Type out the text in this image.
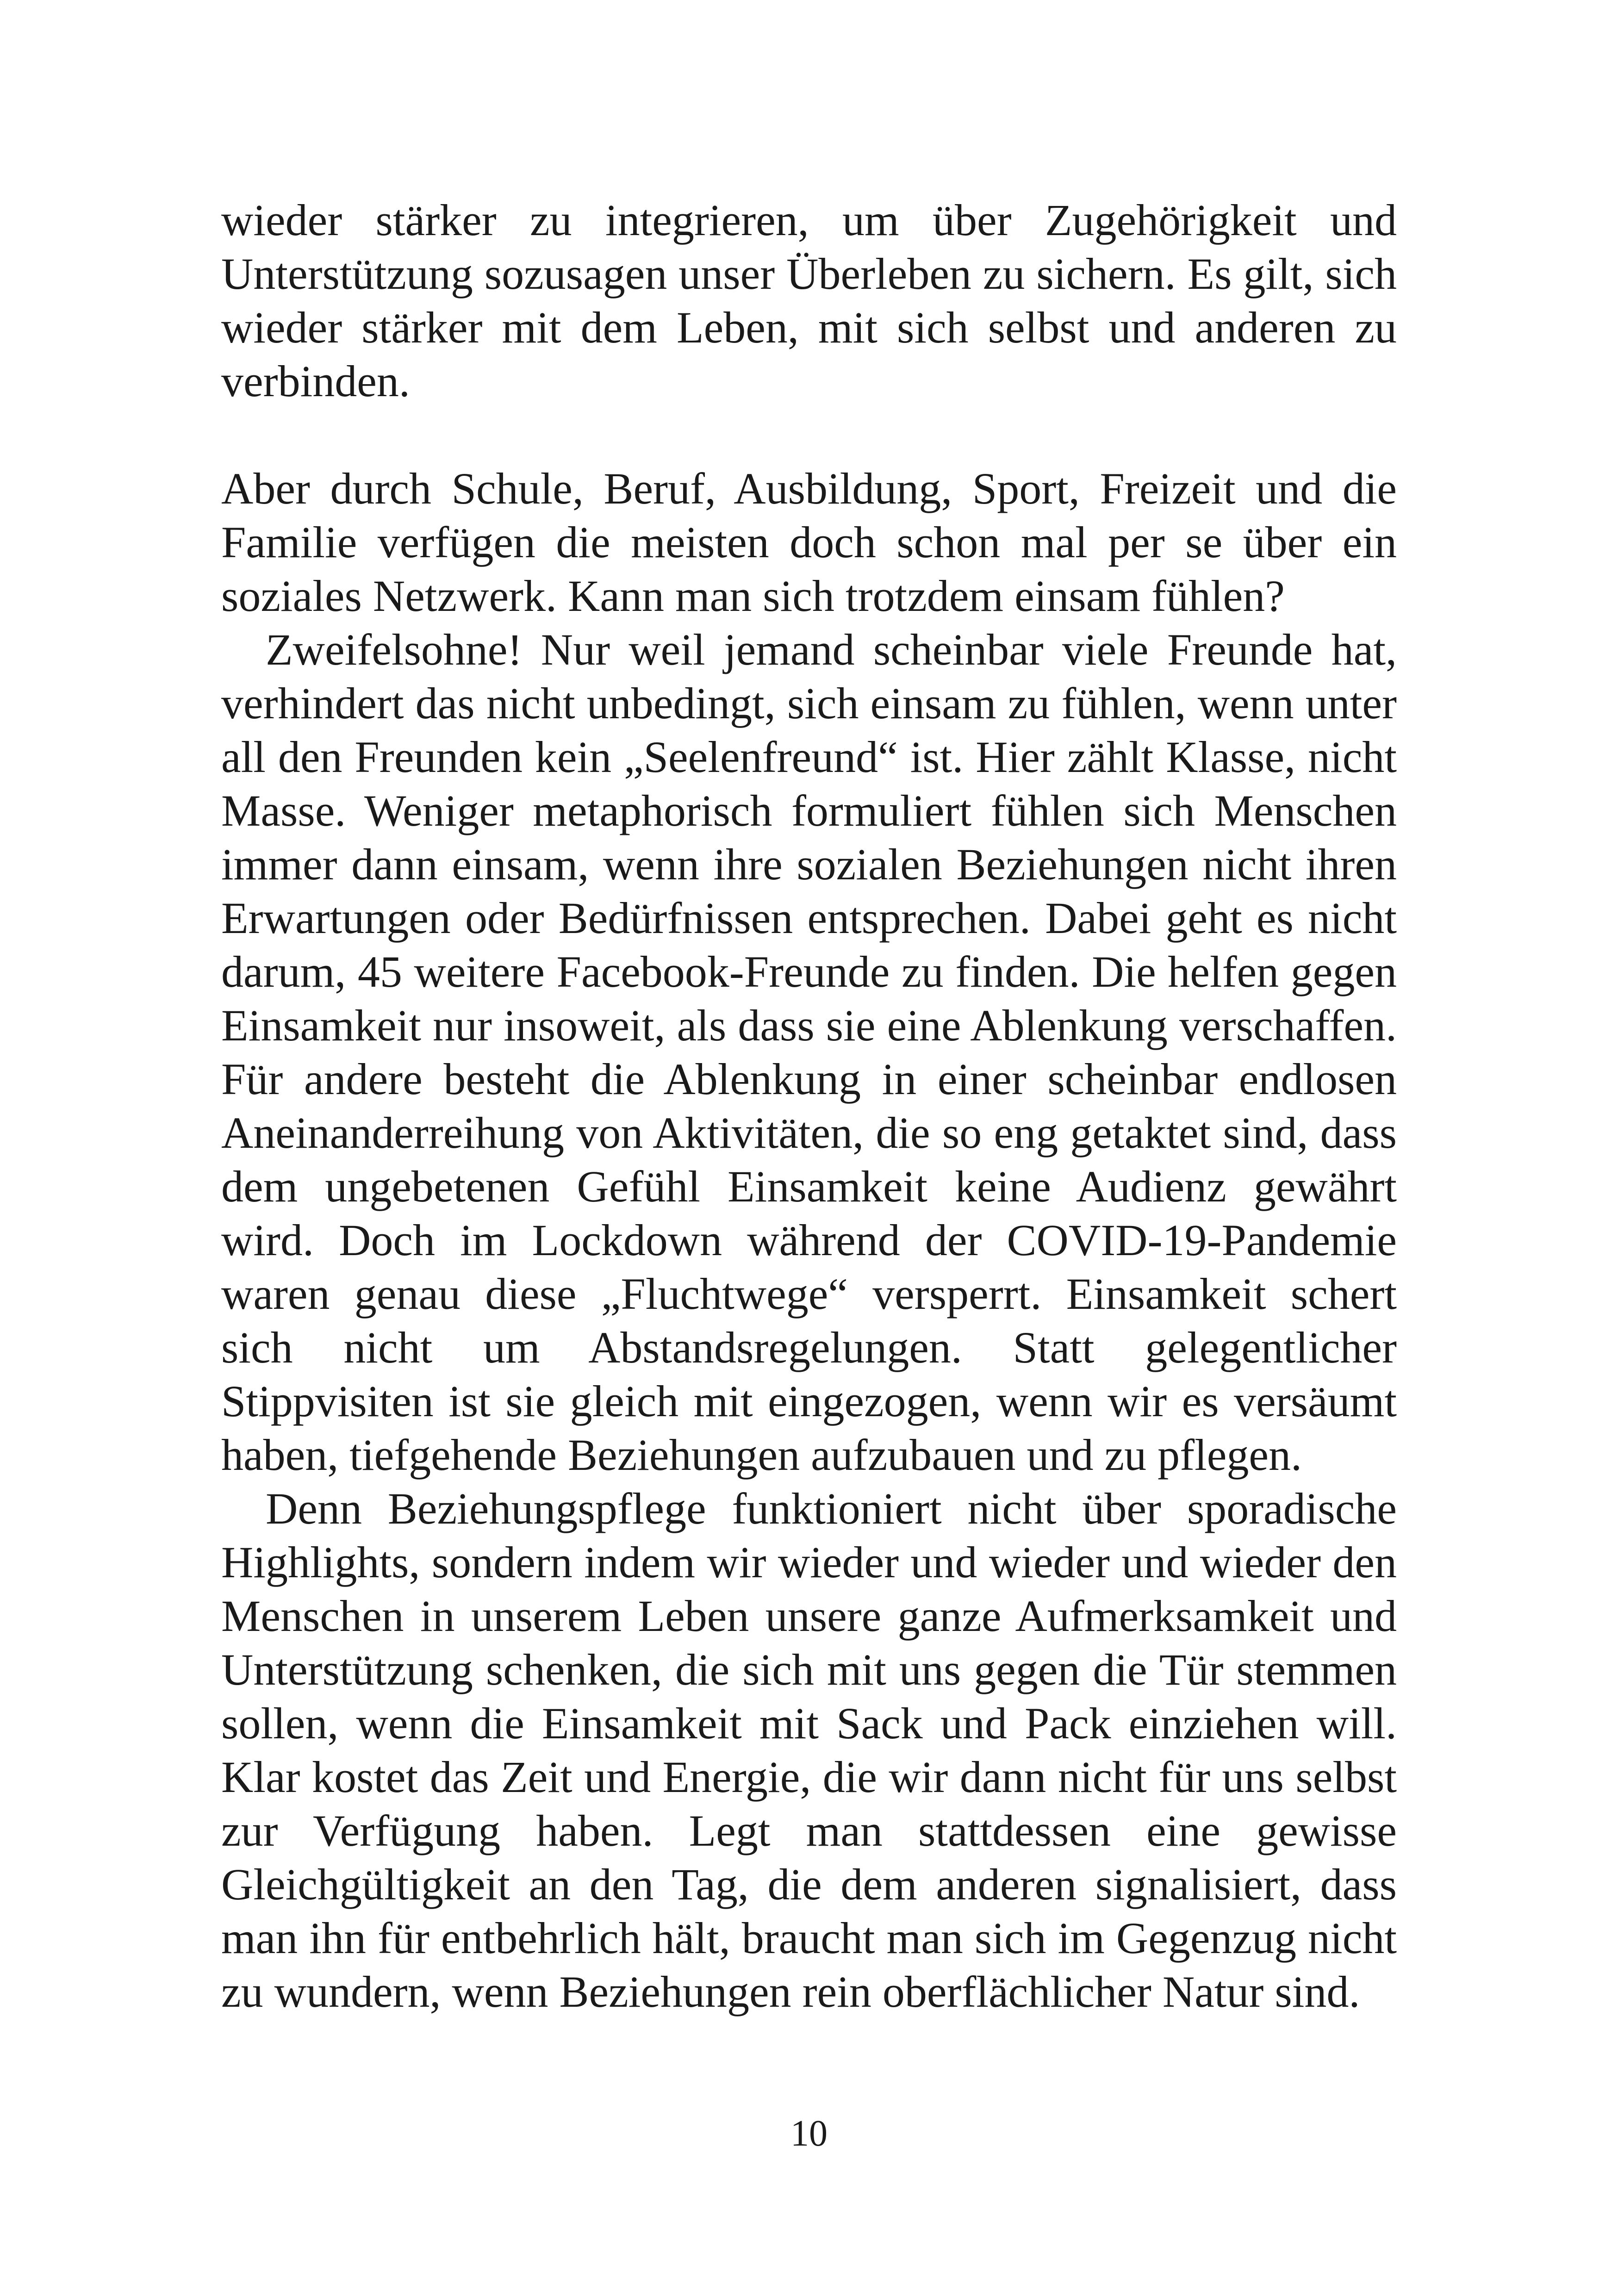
wieder stärker zu integrieren, um über Zugehörigkeit und Unterstützung sozusagen unser Überleben zu sichern. Es gilt, sich wieder stärker mit dem Leben, mit sich selbst und anderen zu verbinden.

Aber durch Schule, Beruf, Ausbildung, Sport, Freizeit und die Familie verfügen die meisten doch schon mal per se über ein soziales Netzwerk. Kann man sich trotzdem einsam fühlen?

Zweifelsohne! Nur weil jemand scheinbar viele Freunde hat, verhindert das nicht unbedingt, sich einsam zu fühlen, wenn unter all den Freunden kein „Seelenfreund“ ist. Hier zählt Klasse, nicht Masse. Weniger metaphorisch formuliert fühlen sich Menschen immer dann einsam, wenn ihre sozialen Beziehungen nicht ihren Erwartungen oder Bedürfnissen entsprechen. Dabei geht es nicht darum, 45 weitere Facebook-Freunde zu finden. Die helfen gegen Einsamkeit nur insoweit, als dass sie eine Ablenkung verschaffen. Für andere besteht die Ablenkung in einer scheinbar endlosen Aneinanderreihung von Aktivitäten, die so eng getaktet sind, dass dem ungebetenen Gefühl Einsamkeit keine Audienz gewährt wird. Doch im Lockdown während der COVID-19-Pandemie waren genau diese „Fluchtwege“ versperrt. Einsamkeit schert sich nicht um Abstandsregelungen. Statt gelegentlicher Stippvisiten ist sie gleich mit eingezogen, wenn wir es versäumt haben, tiefgehende Beziehungen aufzubauen und zu pflegen.

Denn Beziehungspflege funktioniert nicht über sporadische Highlights, sondern indem wir wieder und wieder und wieder den Menschen in unserem Leben unsere ganze Aufmerksamkeit und Unterstützung schenken, die sich mit uns gegen die Tür stemmen sollen, wenn die Einsamkeit mit Sack und Pack einziehen will. Klar kostet das Zeit und Energie, die wir dann nicht für uns selbst zur Verfügung haben. Legt man stattdessen eine gewisse Gleichgültigkeit an den Tag, die dem anderen signalisiert, dass man ihn für entbehrlich hält, braucht man sich im Gegenzug nicht zu wundern, wenn Beziehungen rein oberflächlicher Natur sind.

10
